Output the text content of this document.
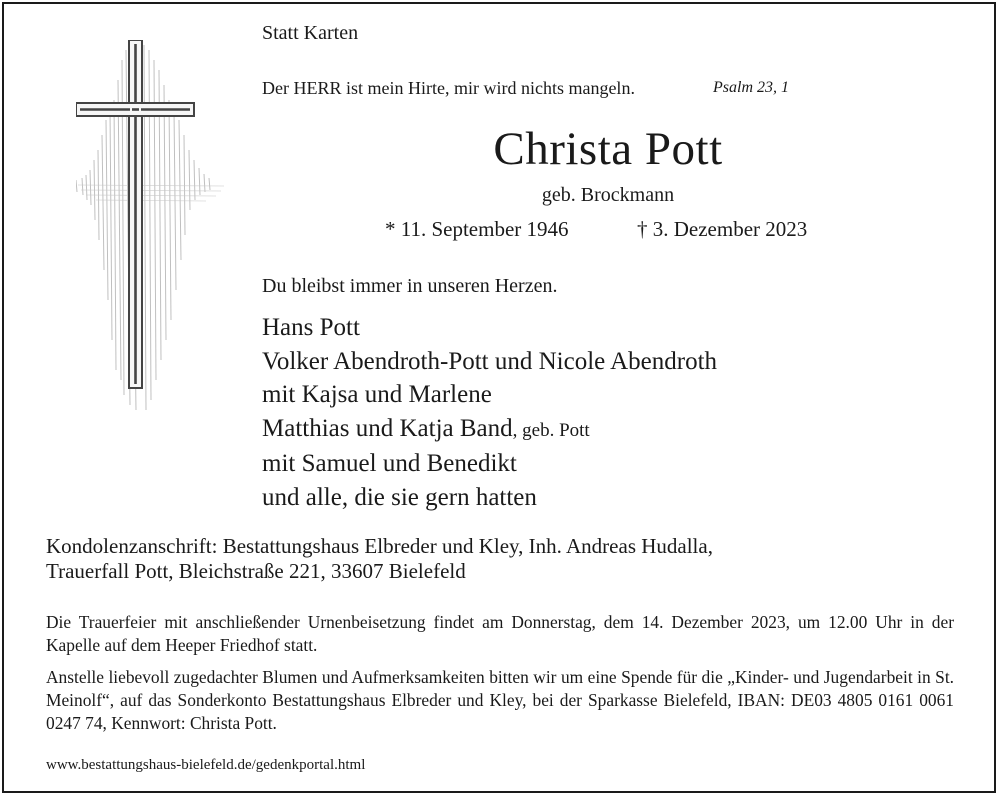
Statt Karten
Der HERR ist mein Hirte, mir wird nichts mangeln.	Psalm 23, 1
Christa Pott
geb. Brockmann
* 11. September 1946	† 3. Dezember 2023
Du bleibst immer in unseren Herzen.
Hans Pott
Volker Abendroth-Pott und Nicole Abendroth
mit Kajsa und Marlene
Matthias und Katja Band, geb. Pott
mit Samuel und Benedikt
und alle, die sie gern hatten
Kondolenzanschrift: Bestattungshaus Elbreder und Kley, Inh. Andreas Hudalla,
Trauerfall Pott, Bleichstraße 221, 33607 Bielefeld
Die Trauerfeier mit anschließender Urnenbeisetzung findet am Donnerstag, dem 14. Dezember 2023, um 12.00 Uhr in der Kapelle auf dem Heeper Friedhof statt.
Anstelle liebevoll zugedachter Blumen und Aufmerksamkeiten bitten wir um eine Spende für die „Kinder- und Jugendarbeit in St. Meinolf“, auf das Sonderkonto Bestattungshaus Elbreder und Kley, bei der Sparkasse Bielefeld, IBAN: DE03 4805 0161 0061 0247 74, Kennwort: Christa Pott.
www.bestattungshaus-bielefeld.de/gedenkportal.html
